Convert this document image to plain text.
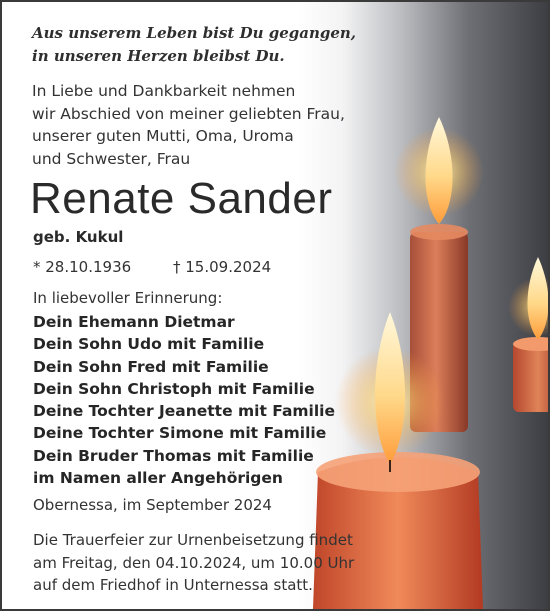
Aus unserem Leben bist Du gegangen,
in unseren Herzen bleibst Du.
In Liebe und Dankbarkeit nehmen
wir Abschied von meiner geliebten Frau,
unserer guten Mutti, Oma, Uroma
und Schwester, Frau
Renate Sander
geb. Kukul
* 28.10.1936	† 15.09.2024
In liebevoller Erinnerung:
Dein Ehemann Dietmar
Dein Sohn Udo mit Familie
Dein Sohn Fred mit Familie
Dein Sohn Christoph mit Familie
Deine Tochter Jeanette mit Familie
Deine Tochter Simone mit Familie
Dein Bruder Thomas mit Familie
im Namen aller Angehörigen
Obernessa, im September 2024
Die Trauerfeier zur Urnenbeisetzung findet
am Freitag, den 04.10.2024, um 10.00 Uhr
auf dem Friedhof in Unternessa statt.
